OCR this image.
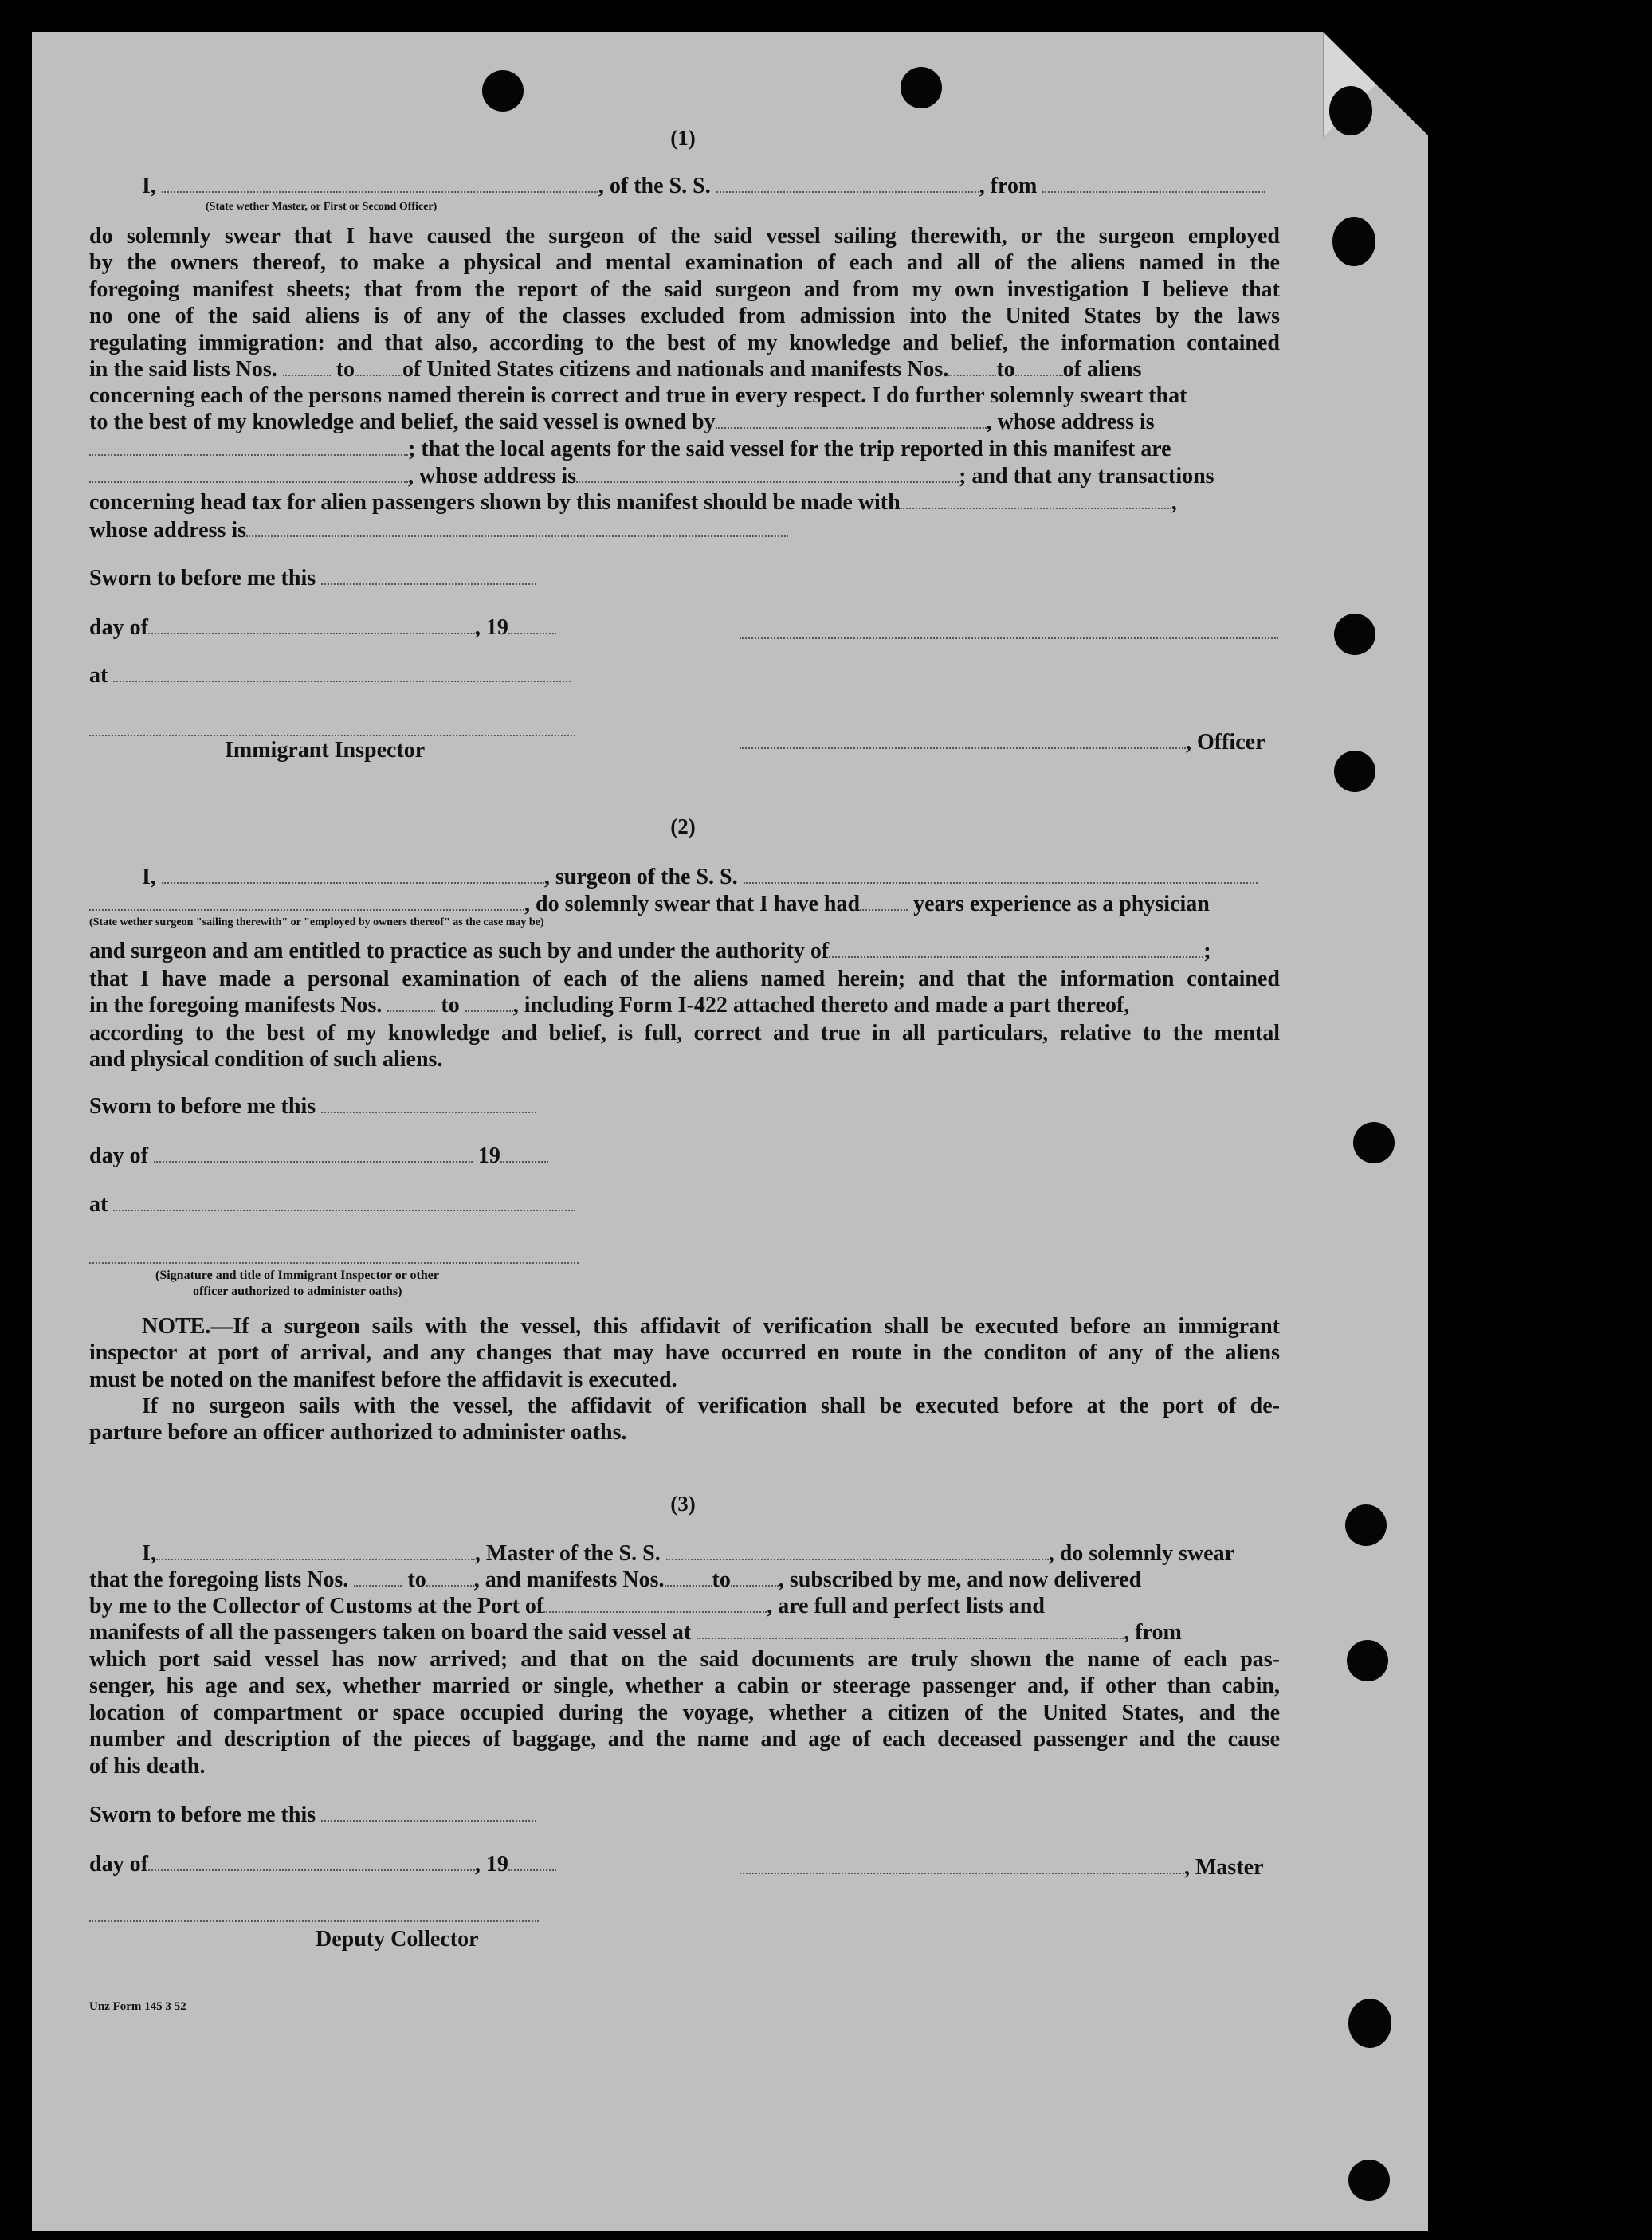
(1)
I,	, of the S. S.	, from
(State wether Master, or First or Second Officer)
do solemnly swear that I have caused the surgeon of the said vessel sailing therewith, or the surgeon employed
by the owners thereof, to make a physical and mental examination of each and all of the aliens named in the
foregoing manifest sheets; that from the report of the said surgeon and from my own investigation I believe that
no one of the said aliens is of any of the classes excluded from admission into the United States by the laws
regulating immigration: and that also, according to the best of my knowledge and belief, the information contained
in the said lists Nos.	to of United States citizens and nationals and manifests Nos. to of aliens
concerning each of the persons named therein is correct and true in every respect. I do further solemnly sweart that
to the best of my knowledge and belief, the said vessel is owned by	, whose address is
; that the local agents for the said vessel for the trip reported in this manifest are
, whose address is	; and that any transactions
concerning head tax for alien passengers shown by this manifest should be made with	,
whose address is
Sworn to before me this
day of	, 19
at
Immigrant Inspector	, Officer
(2)
I,	, surgeon of the S. S.
, do solemnly swear that I have had years experience as a physician
(State wether surgeon "sailing therewith" or "employed by owners thereof" as the case may be)
and surgeon and am entitled to practice as such by and under the authority of	;
that I have made a personal examination of each of the aliens named herein; and that the information contained
in the foregoing manifests Nos.	to , including Form I-422 attached thereto and made a part thereof,
according to the best of my knowledge and belief, is full, correct and true in all particulars, relative to the mental

and physical condition of such aliens.
Sworn to before me this
day of	19
at
(Signature and title of Immigrant Inspector or other
officer authorized to administer oaths)
NOTE.—If a surgeon sails with the vessel, this affidavit of verification shall be executed before an immigrant
inspector at port of arrival, and any changes that may have occurred en route in the conditon of any of the aliens

must be noted on the manifest before the affidavit is executed.
If no surgeon sails with the vessel, the affidavit of verification shall be executed before at the port of de-

parture before an officer authorized to administer oaths.
(3)
I,	, Master of the S. S.	, do solemnly swear
that the foregoing lists Nos.	to , and manifests Nos. to , subscribed by me, and now delivered
by me to the Collector of Customs at the Port of	, are full and perfect lists and
manifests of all the passengers taken on board the said vessel at	, from
which port said vessel has now arrived; and that on the said documents are truly shown the name of each pas-
senger, his age and sex, whether married or single, whether a cabin or steerage passenger and, if other than cabin,
location of compartment or space occupied during the voyage, whether a citizen of the United States, and the
number and description of the pieces of baggage, and the name and age of each deceased passenger and the cause

of his death.
Sworn to before me this
day of	, 19	, Master
Deputy Collector
Unz Form 145 3 52
